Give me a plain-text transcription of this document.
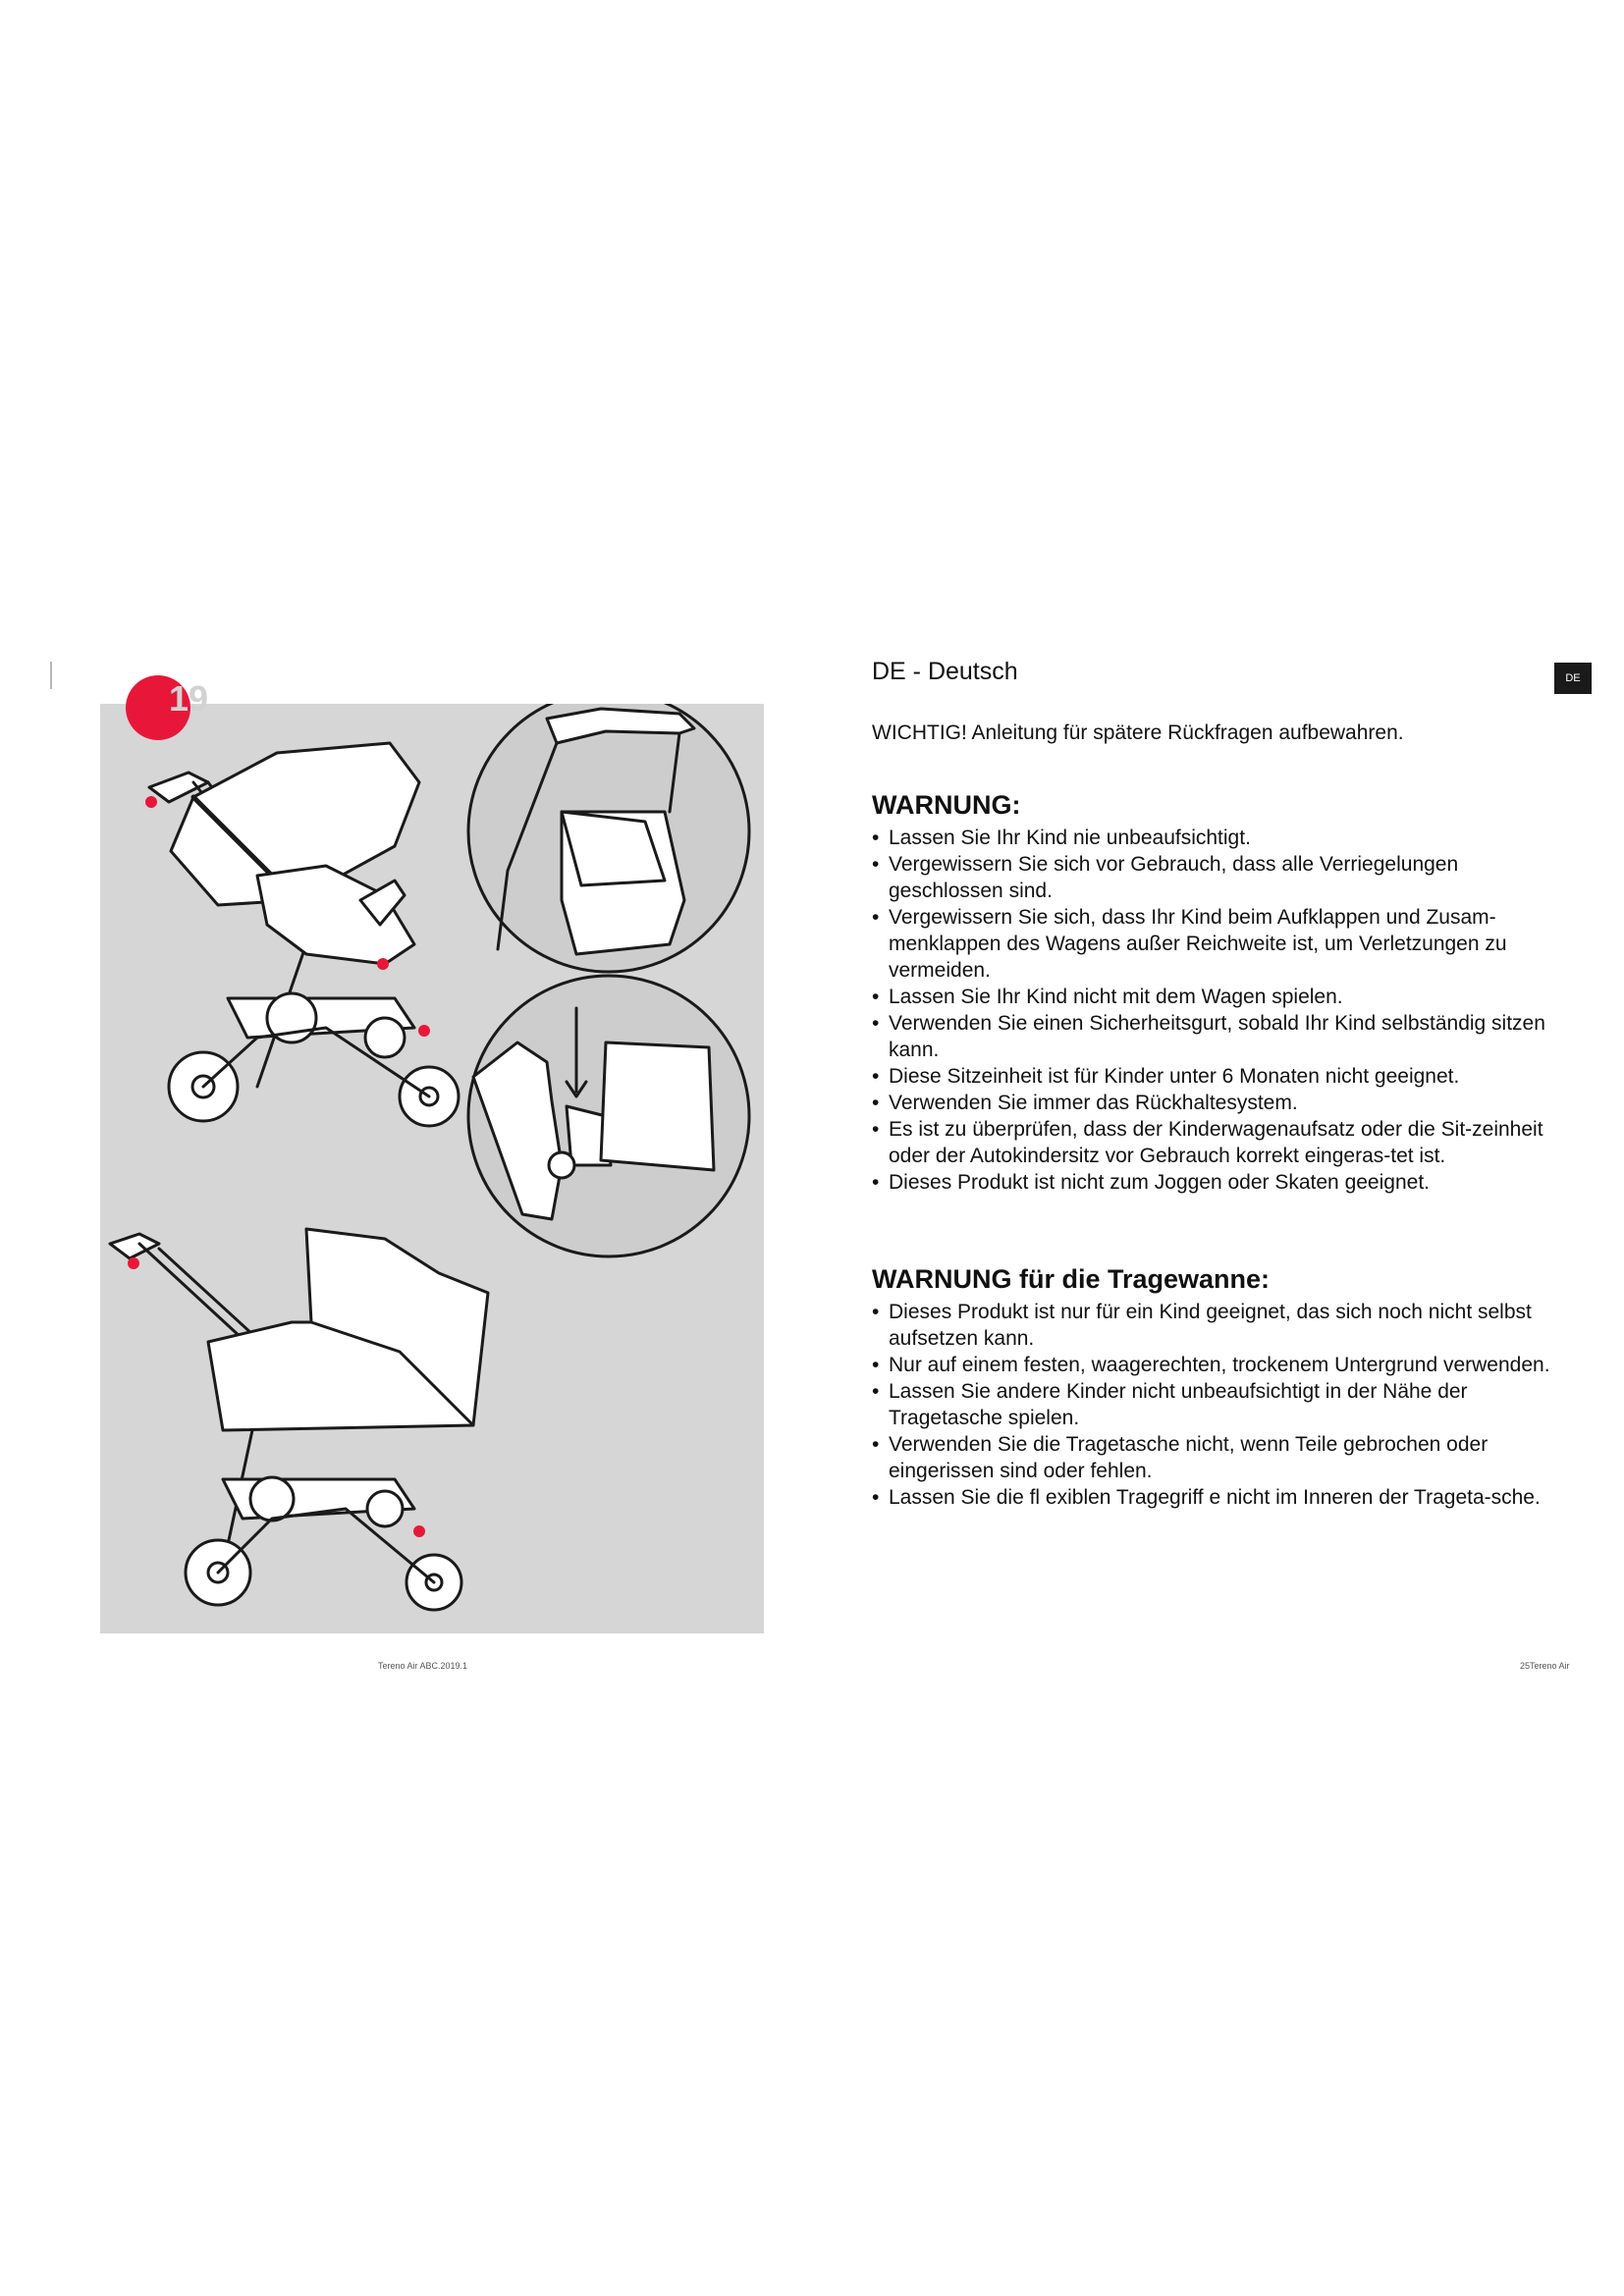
19
DE - Deutsch	DE
WICHTIG! Anleitung für spätere Rückfragen aufbewahren.
WARNUNG:
• Lassen Sie Ihr Kind nie unbeaufsichtigt.
• Vergewissern Sie sich vor Gebrauch, dass alle Verriegelungen geschlossen sind.
• Vergewissern Sie sich, dass Ihr Kind beim Aufklappen und Zusam-menklappen des Wagens außer Reichweite ist, um Verletzungen zu vermeiden.
• Lassen Sie Ihr Kind nicht mit dem Wagen spielen.
• Verwenden Sie einen Sicherheitsgurt, sobald Ihr Kind selbständig sitzen kann.
• Diese Sitzeinheit ist für Kinder unter 6 Monaten nicht geeignet.
• Verwenden Sie immer das Rückhaltesystem.
• Es ist zu überprüfen, dass der Kinderwagenaufsatz oder die Sit-zeinheit oder der Autokindersitz vor Gebrauch korrekt eingeras-tet ist.
• Dieses Produkt ist nicht zum Joggen oder Skaten geeignet.
WARNUNG für die Tragewanne:
• Dieses Produkt ist nur für ein Kind geeignet, das sich noch nicht selbst aufsetzen kann.
• Nur auf einem festen, waagerechten, trockenem Untergrund verwenden.
• Lassen Sie andere Kinder nicht unbeaufsichtigt in der Nähe der Tragetasche spielen.
• Verwenden Sie die Tragetasche nicht, wenn Teile gebrochen oder eingerissen sind oder fehlen.
• Lassen Sie die fl exiblen Tragegriff e nicht im Inneren der Trageta-sche.
Tereno Air ABC.2019.1	25Tereno Air
